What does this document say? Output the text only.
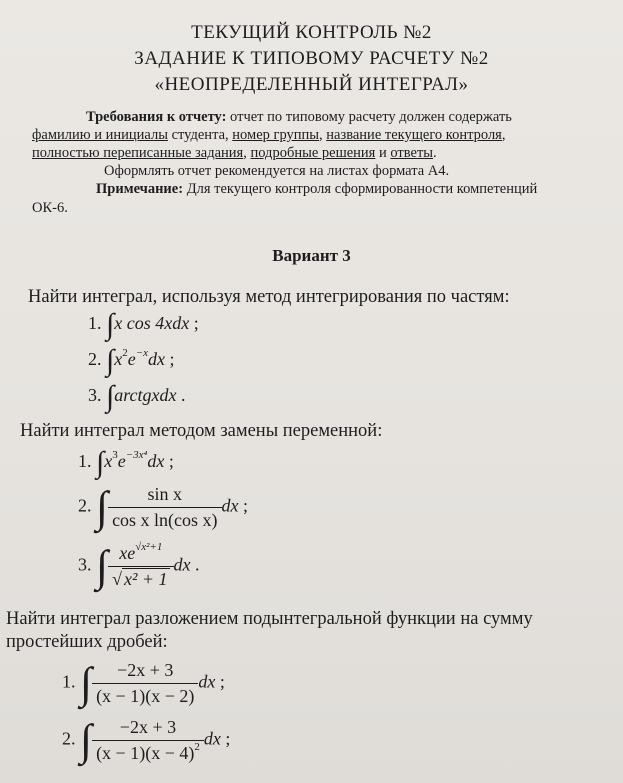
ТЕКУЩИЙ КОНТРОЛЬ №2
ЗАДАНИЕ К ТИПОВОМУ РАСЧЕТУ №2
«НЕОПРЕДЕЛЕННЫЙ ИНТЕГРАЛ»
Требования к отчету: отчет по типовому расчету должен содержать
фамилию и инициалы студента, номер группы, название текущего контроля,
полностью переписанные задания, подробные решения и ответы.
Оформлять отчет рекомендуется на листах формата А4.
Примечание: Для текущего контроля сформированности компетенций
ОК-6.
Вариант 3
Найти интеграл, используя метод интегрирования по частям:
1. ∫x cos 4xdx ;
2. $\int x^2e^{-x}dx$ ;
3. ∫arctgxdx .
Найти интеграл методом замены переменной:
1. $\int x^3e^{-3x^4}dx$ ;
2. ∫ $\frac{\text{sin x}}{\text{cos x ln(cos x)}}$ dx ;
3. ∫ $\frac{xe^{√x^2+1}}{\text{√ x² + 1}}$ dx .
Найти интеграл разложением подынтегральной функции на сумму
простейших дробей:
1. ∫ $\frac{-2x + 3}{(x - 1)(x - 2)}$ dx ;
2. ∫ $\frac{-2x + 3}{(x - 1)(x - 4)^2}$ dx ;
